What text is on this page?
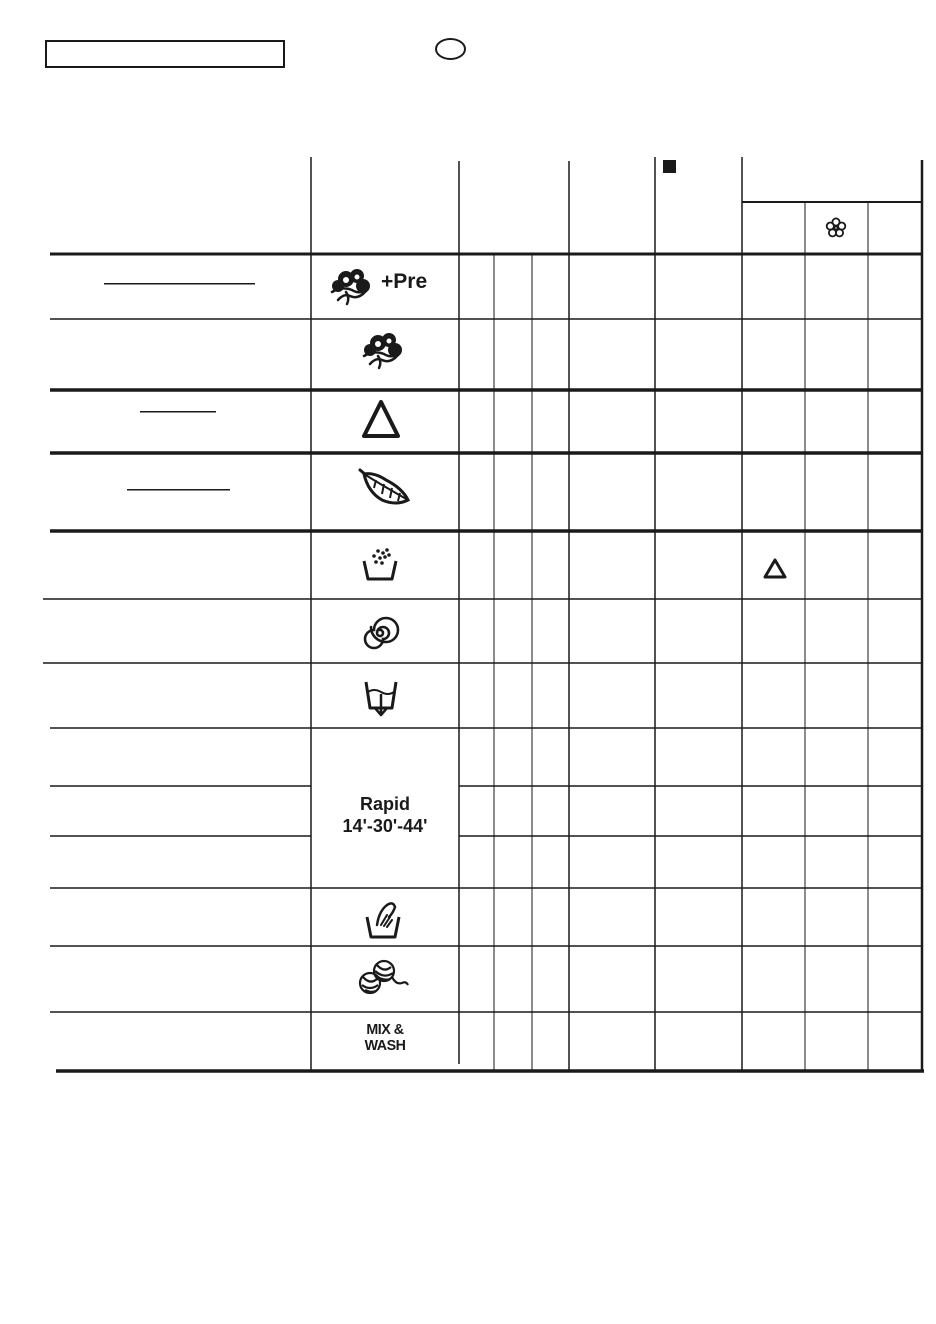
+Pre
Rapid
14'-30'-44'
MIX &
WASH
